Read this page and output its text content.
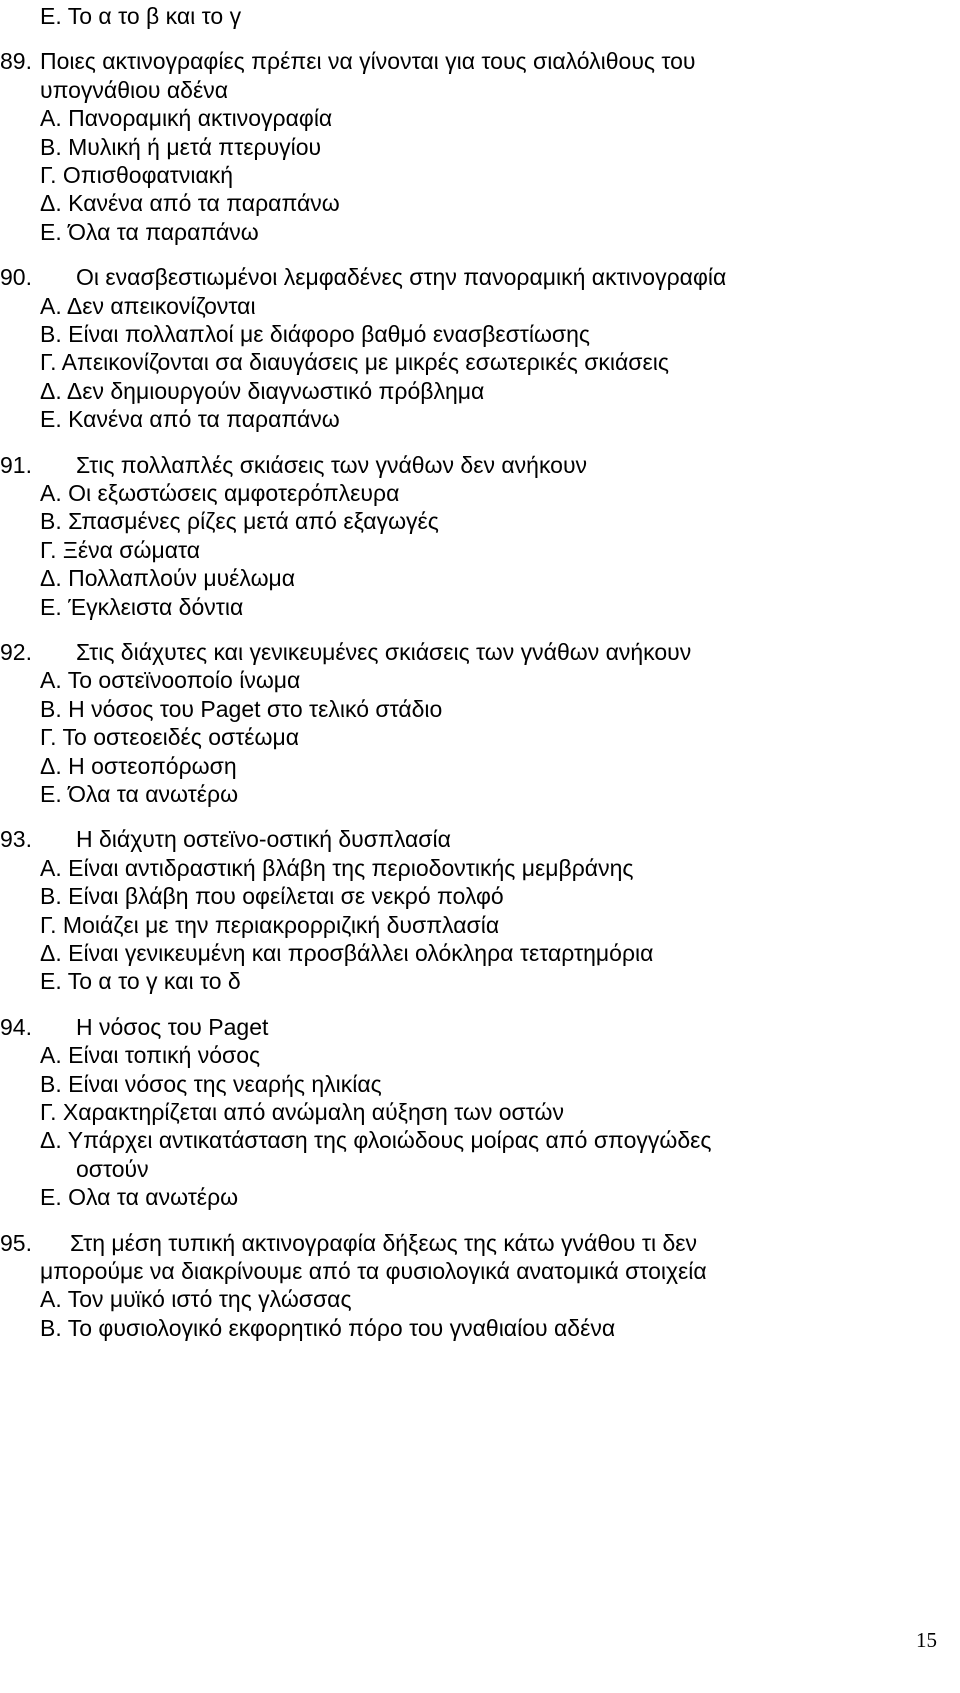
Ε. Το α το β και το γ
89. Ποιες ακτινογραφίες πρέπει να γίνονται για τους σιαλόλιθους του
υπογνάθιου αδένα
Α. Πανοραμική ακτινογραφία
Β. Μυλική ή μετά πτερυγίου
Γ. Οπισθοφατνιακή
Δ. Κανένα από τα παραπάνω
Ε. Όλα τα παραπάνω
90. Οι ενασβεστιωμένοι λεμφαδένες στην πανοραμική ακτινογραφία
Α. Δεν απεικονίζονται
Β. Είναι πολλαπλοί με διάφορο βαθμό ενασβεστίωσης
Γ. Απεικονίζονται σα διαυγάσεις με μικρές εσωτερικές σκιάσεις
Δ. Δεν δημιουργούν διαγνωστικό πρόβλημα
Ε. Κανένα από τα παραπάνω
91. Στις πολλαπλές σκιάσεις των γνάθων δεν ανήκουν
Α. Οι εξωστώσεις αμφοτερόπλευρα
Β. Σπασμένες ρίζες μετά από εξαγωγές
Γ. Ξένα σώματα
Δ. Πολλαπλούν μυέλωμα
Ε. Έγκλειστα δόντια
92. Στις διάχυτες και γενικευμένες σκιάσεις των γνάθων ανήκουν
Α. Το οστεϊνοοποίο ίνωμα
Β. Η νόσος του Paget στο τελικό στάδιο
Γ. Το οστεοειδές οστέωμα
Δ. Η οστεοπόρωση
Ε. Όλα τα ανωτέρω
93. Η διάχυτη οστεϊνο-οστική δυσπλασία
Α. Είναι αντιδραστική βλάβη της περιοδοντικής μεμβράνης
Β. Είναι βλάβη που οφείλεται σε νεκρό πολφό
Γ. Μοιάζει με την περιακρορριζική δυσπλασία
Δ. Είναι γενικευμένη και προσβάλλει ολόκληρα τεταρτημόρια
Ε. Το α το γ και το δ
94. Η νόσος του Paget
Α. Είναι τοπική νόσος
Β. Είναι νόσος της νεαρής ηλικίας
Γ. Χαρακτηρίζεται από ανώμαλη αύξηση των οστών
Δ. Υπάρχει αντικατάσταση της φλοιώδους μοίρας από σπογγώδες
οστούν
Ε. Ολα τα ανωτέρω
95. Στη μέση τυπική ακτινογραφία δήξεως της κάτω γνάθου τι δεν
μπορούμε να διακρίνουμε από τα φυσιολογικά ανατομικά στοιχεία
Α. Τον μυϊκό ιστό της γλώσσας
Β. Το φυσιολογικό εκφορητικό πόρο του γναθιαίου αδένα
15
